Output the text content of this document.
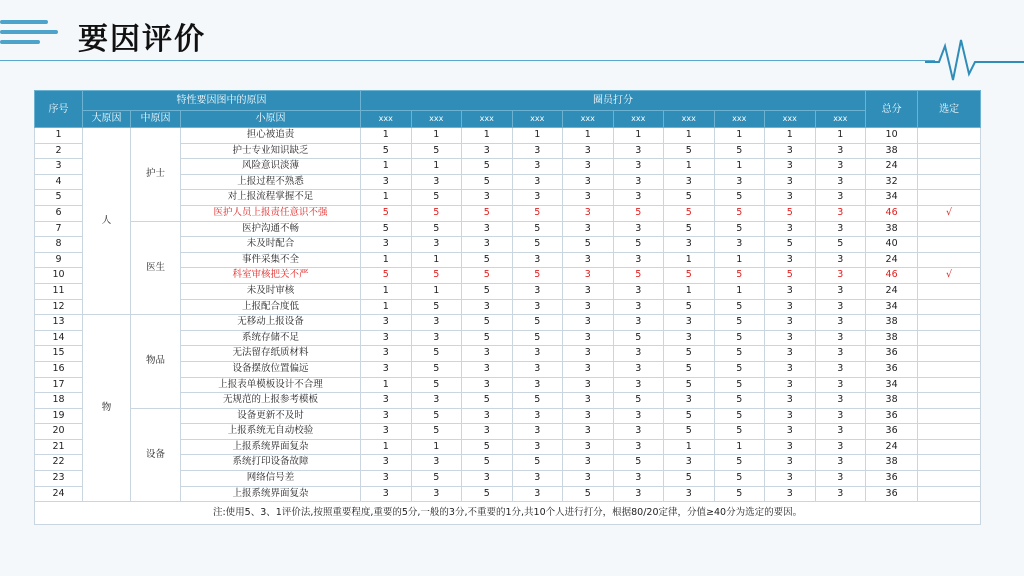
要因评价
序号	特性要因图中的原因			圈员打分										总分	选定
	大原因	中原因	小原因												
				xxx	xxx	xxx	xxx	xxx	xxx	xxx	xxx	xxx	xxx		
1	人	护士	担心被追责	1	1	1	1	1	1	1	1	1	1	10	
2			护士专业知识缺乏	5	5	3	3	3	3	5	5	3	3	38	
3			风险意识淡薄	1	1	5	3	3	3	1	1	3	3	24	
4			上报过程不熟悉	3	3	5	3	3	3	3	3	3	3	32	
5			对上报流程掌握不足	1	5	3	3	3	3	5	5	3	3	34	
6			医护人员上报责任意识不强	5	5	5	5	3	5	5	5	5	3	46	√
7		医生	医护沟通不畅	5	5	3	5	3	3	5	5	3	3	38	
8			未及时配合	3	3	3	5	5	5	3	3	5	5	40	
9			事件采集不全	1	1	5	3	3	3	1	1	3	3	24	
10			科室审核把关不严	5	5	5	5	3	5	5	5	5	3	46	√
11			未及时审核	1	1	5	3	3	3	1	1	3	3	24	
12			上报配合度低	1	5	3	3	3	3	5	5	3	3	34	
13	物	物品	无移动上报设备	3	3	5	5	3	3	3	5	3	3	38	
14			系统存储不足	3	3	5	5	3	5	3	5	3	3	38	
15			无法留存纸质材料	3	5	3	3	3	3	5	5	3	3	36	
16			设备摆放位置偏远	3	5	3	3	3	3	5	5	3	3	36	
17			上报表单模板设计不合理	1	5	3	3	3	3	5	5	3	3	34	
18			无规范的上报参考模板	3	3	5	5	3	5	3	5	3	3	38	
19		设备	设备更新不及时	3	5	3	3	3	3	5	5	3	3	36	
20			上报系统无自动校验	3	5	3	3	3	3	5	5	3	3	36	
21			上报系统界面复杂	1	1	5	3	3	3	1	1	3	3	24	
22			系统打印设备故障	3	3	5	5	3	5	3	5	3	3	38	
23			网络信号差	3	5	3	3	3	3	5	5	3	3	36	
24			上报系统界面复杂	3	3	5	3	5	3	3	5	3	3	36	
注:使用5、3、1评价法,按照重要程度,重要的5分,一般的3分,不重要的1分,共10个人进行打分，根据80/20定律，分值≥40分为选定的要因。															
